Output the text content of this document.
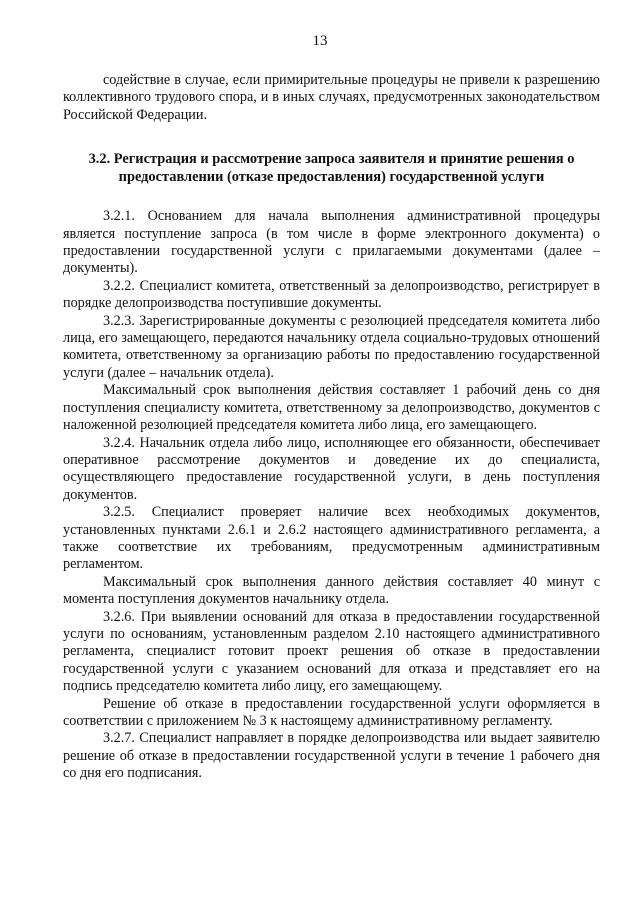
13

содействие в случае, если примирительные процедуры не привели к разрешению коллективного трудового спора, и в иных случаях, предусмотренных законодательством Российской Федерации.

3.2. Регистрация и рассмотрение запроса заявителя и принятие решения о предоставлении (отказе предоставления) государственной услуги

3.2.1. Основанием для начала выполнения административной процедуры является поступление запроса (в том числе в форме электронного документа) о предоставлении государственной услуги с прилагаемыми документами (далее – документы).

3.2.2. Специалист комитета, ответственный за делопроизводство, регистрирует в порядке делопроизводства поступившие документы.

3.2.3. Зарегистрированные документы с резолюцией председателя комитета либо лица, его замещающего, передаются начальнику отдела социально-трудовых отношений комитета, ответственному за организацию работы по предоставлению государственной услуги (далее – начальник отдела).

Максимальный срок выполнения действия составляет 1 рабочий день со дня поступления специалисту комитета, ответственному за делопроизводство, документов с наложенной резолюцией председателя комитета либо лица, его замещающего.

3.2.4. Начальник отдела либо лицо, исполняющее его обязанности, обеспечивает оперативное рассмотрение документов и доведение их до специалиста, осуществляющего предоставление государственной услуги, в день поступления документов.

3.2.5. Специалист проверяет наличие всех необходимых документов, установленных пунктами 2.6.1 и 2.6.2 настоящего административного регламента, а также соответствие их требованиям, предусмотренным административным регламентом.

Максимальный срок выполнения данного действия составляет 40 минут с момента поступления документов начальнику отдела.

3.2.6. При выявлении оснований для отказа в предоставлении государственной услуги по основаниям, установленным разделом 2.10 настоящего административного регламента, специалист готовит проект решения об отказе в предоставлении государственной услуги с указанием оснований для отказа и представляет его на подпись председателю комитета либо лицу, его замещающему.

Решение об отказе в предоставлении государственной услуги оформляется в соответствии с приложением № 3 к настоящему административному регламенту.

3.2.7. Специалист направляет в порядке делопроизводства или выдает заявителю решение об отказе в предоставлении государственной услуги в течение 1 рабочего дня со дня его подписания.
